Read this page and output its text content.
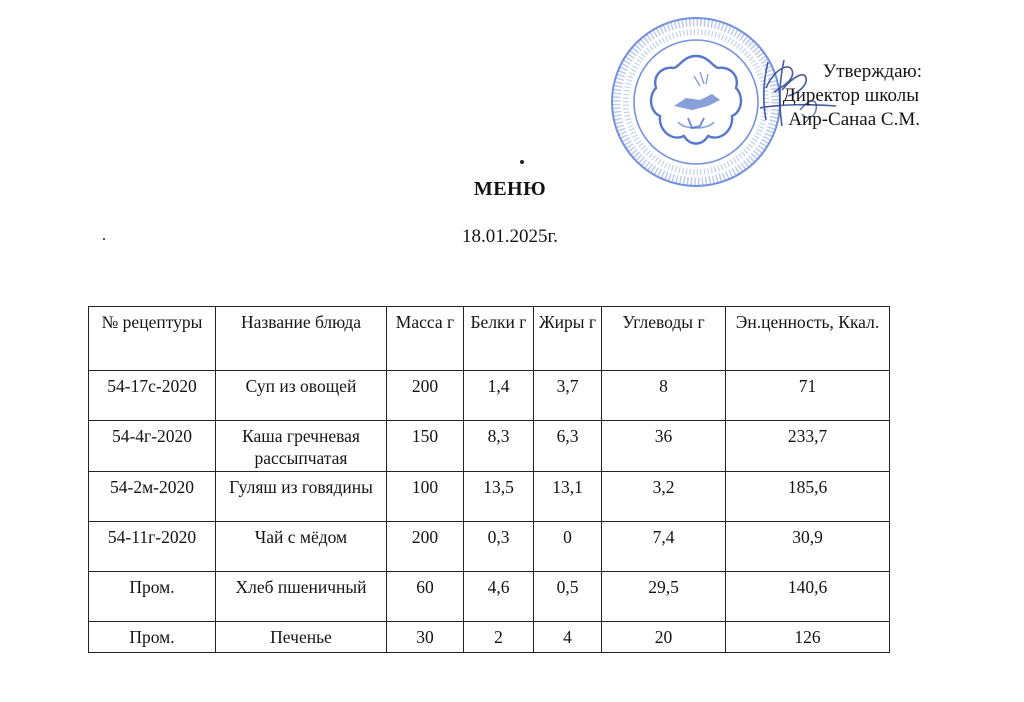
Утверждаю:
Директор школы
Аир-Санаа С.М.
МЕНЮ
18.01.2025г.
№ рецептуры	Название блюда	Масса г	Белки г	Жиры г	Углеводы г	Эн.ценность, Ккал.
54-17с-2020	Суп из овощей	200	1,4	3,7	8	71
54-4г-2020	Каша гречневая рассыпчатая	150	8,3	6,3	36	233,7
54-2м-2020	Гуляш из говядины	100	13,5	13,1	3,2	185,6
54-11г-2020	Чай с мёдом	200	0,3	0	7,4	30,9
Пром.	Хлеб пшеничный	60	4,6	0,5	29,5	140,6
Пром.	Печенье	30	2	4	20	126
